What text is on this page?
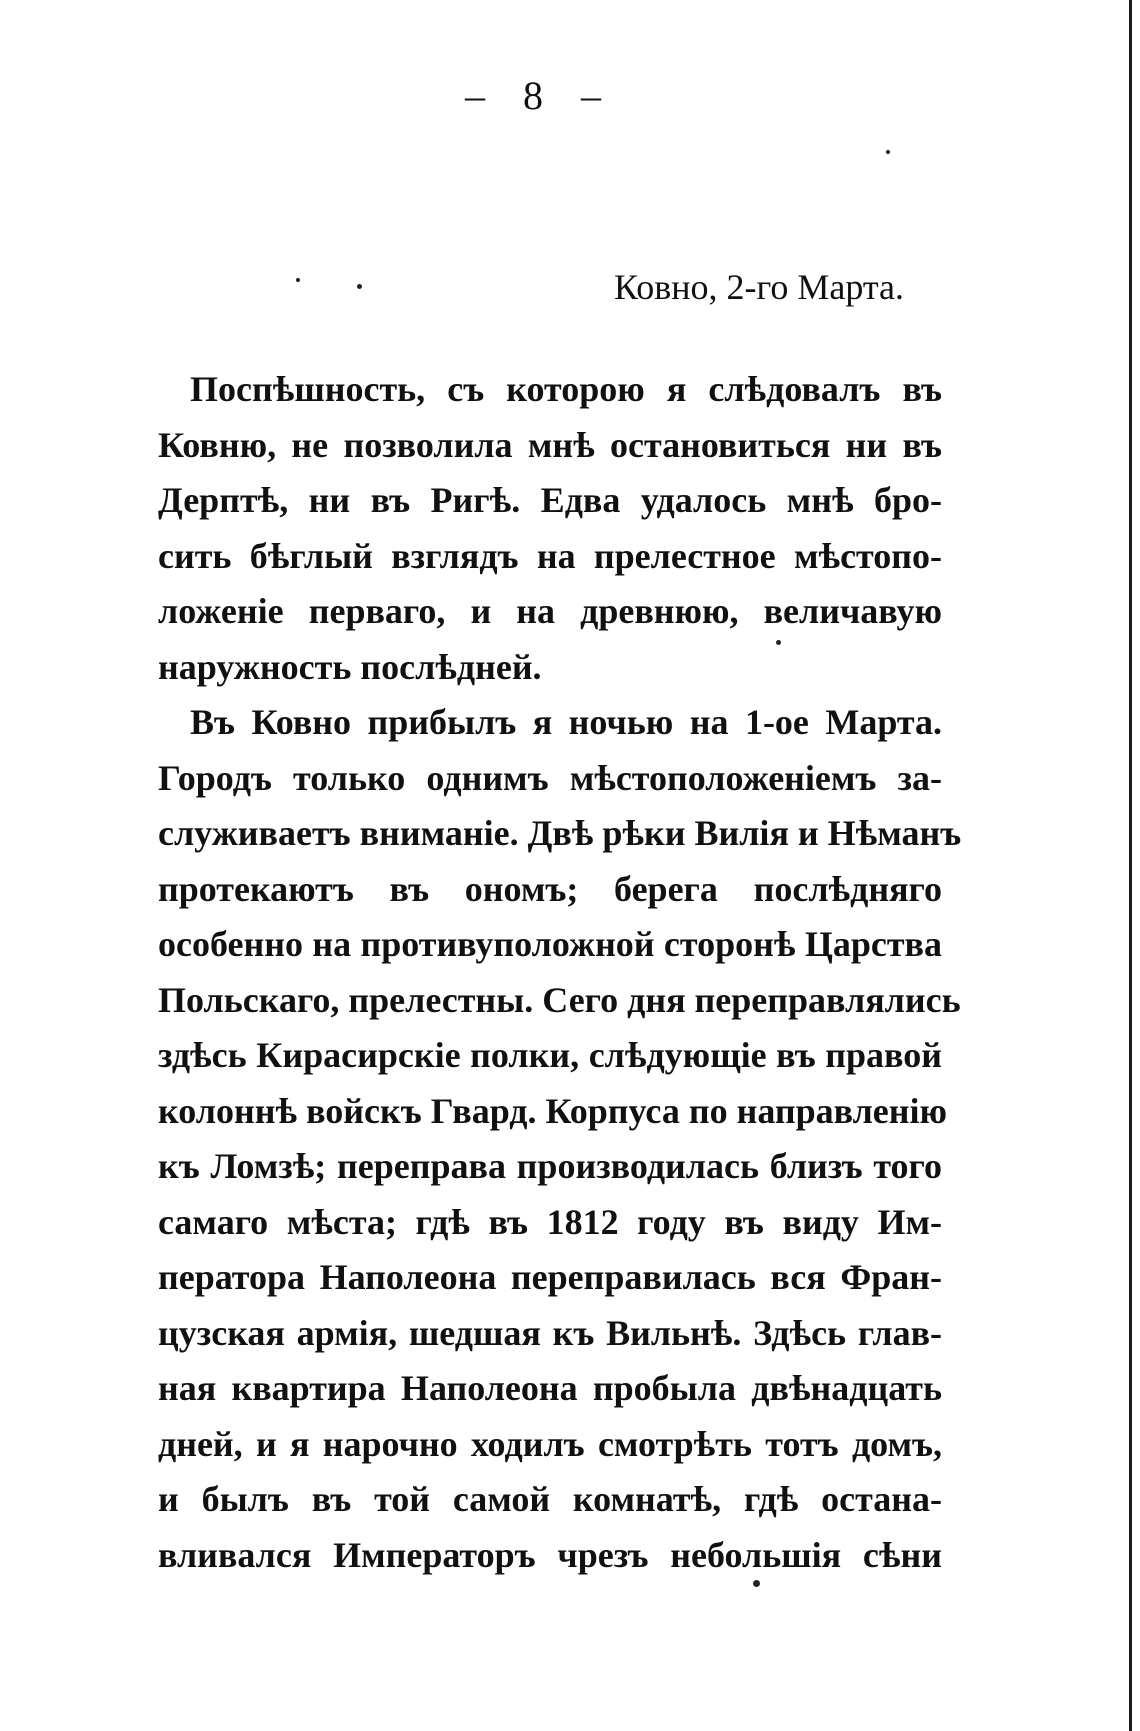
– 8 –
Ковно, 2-го Марта.
Поспѣшность, съ которою я слѣдовалъ въ
Ковню, не позволила мнѣ остановиться ни въ
Дерптѣ, ни въ Ригѣ. Едва удалось мнѣ бро-
сить бѣглый взглядъ на прелестное мѣстопо-
ложеніе перваго, и на древнюю, величавую
наружность послѣдней.
Въ Ковно прибылъ я ночью на 1-ое Марта.
Городъ только однимъ мѣстоположеніемъ за-
служиваетъ вниманіе. Двѣ рѣки Вилія и Нѣманъ
протекаютъ въ ономъ; берега послѣдняго
особенно на противуположной сторонѣ Царства
Польскаго, прелестны. Сего дня переправлялись
здѣсь Кирасирскіе полки, слѣдующіе въ правой
колоннѣ войскъ Гвард. Корпуса по направленію
къ Ломзѣ; переправа производилась близъ того
самаго мѣста; гдѣ въ 1812 году въ виду Им-
ператора Наполеона переправилась вся Фран-
цузская армія, шедшая къ Вильнѣ. Здѣсь глав-
ная квартира Наполеона пробыла двѣнадцать
дней, и я нарочно ходилъ смотрѣть тотъ домъ,
и былъ въ той самой комнатѣ, гдѣ остана-
вливался Императоръ чрезъ небольшія сѣни
